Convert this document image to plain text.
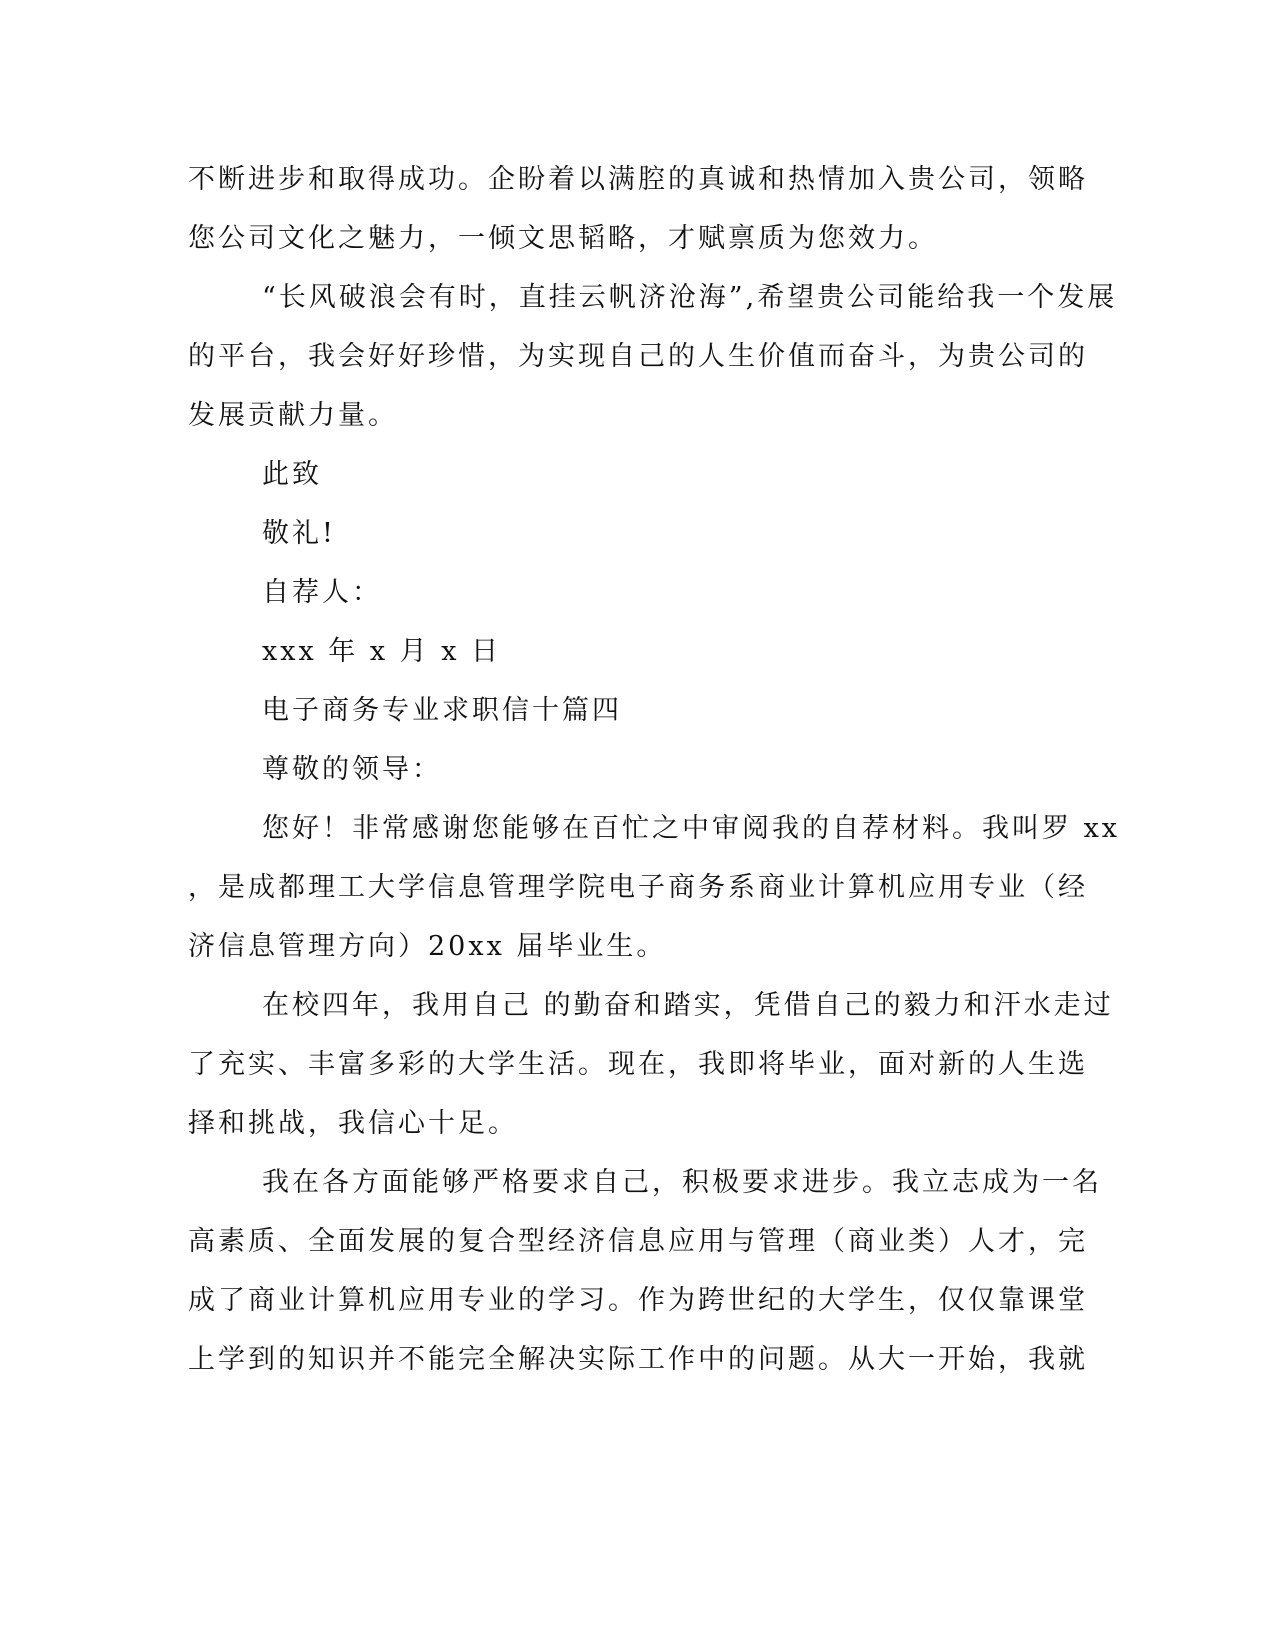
不断进步和取得成功。企盼着以满腔的真诚和热情加入贵公司，领略
您公司文化之魅力，一倾文思韬略，才赋禀质为您效力。
“长风破浪会有时，直挂云帆济沧海”,希望贵公司能给我一个发展
的平台，我会好好珍惜，为实现自己的人生价值而奋斗，为贵公司的
发展贡献力量。
此致
敬礼!
自荐人：
xxx 年 x 月 x 日
电子商务专业求职信十篇四
尊敬的领导：
您好！非常感谢您能够在百忙之中审阅我的自荐材料。我叫罗 xx
，是成都理工大学信息管理学院电子商务系商业计算机应用专业（经
济信息管理方向）20xx 届毕业生。
在校四年，我用自己 的勤奋和踏实，凭借自己的毅力和汗水走过
了充实、丰富多彩的大学生活。现在，我即将毕业，面对新的人生选
择和挑战，我信心十足。
我在各方面能够严格要求自己，积极要求进步。我立志成为一名
高素质、全面发展的复合型经济信息应用与管理（商业类）人才，完
成了商业计算机应用专业的学习。作为跨世纪的大学生，仅仅靠课堂
上学到的知识并不能完全解决实际工作中的问题。从大一开始，我就
